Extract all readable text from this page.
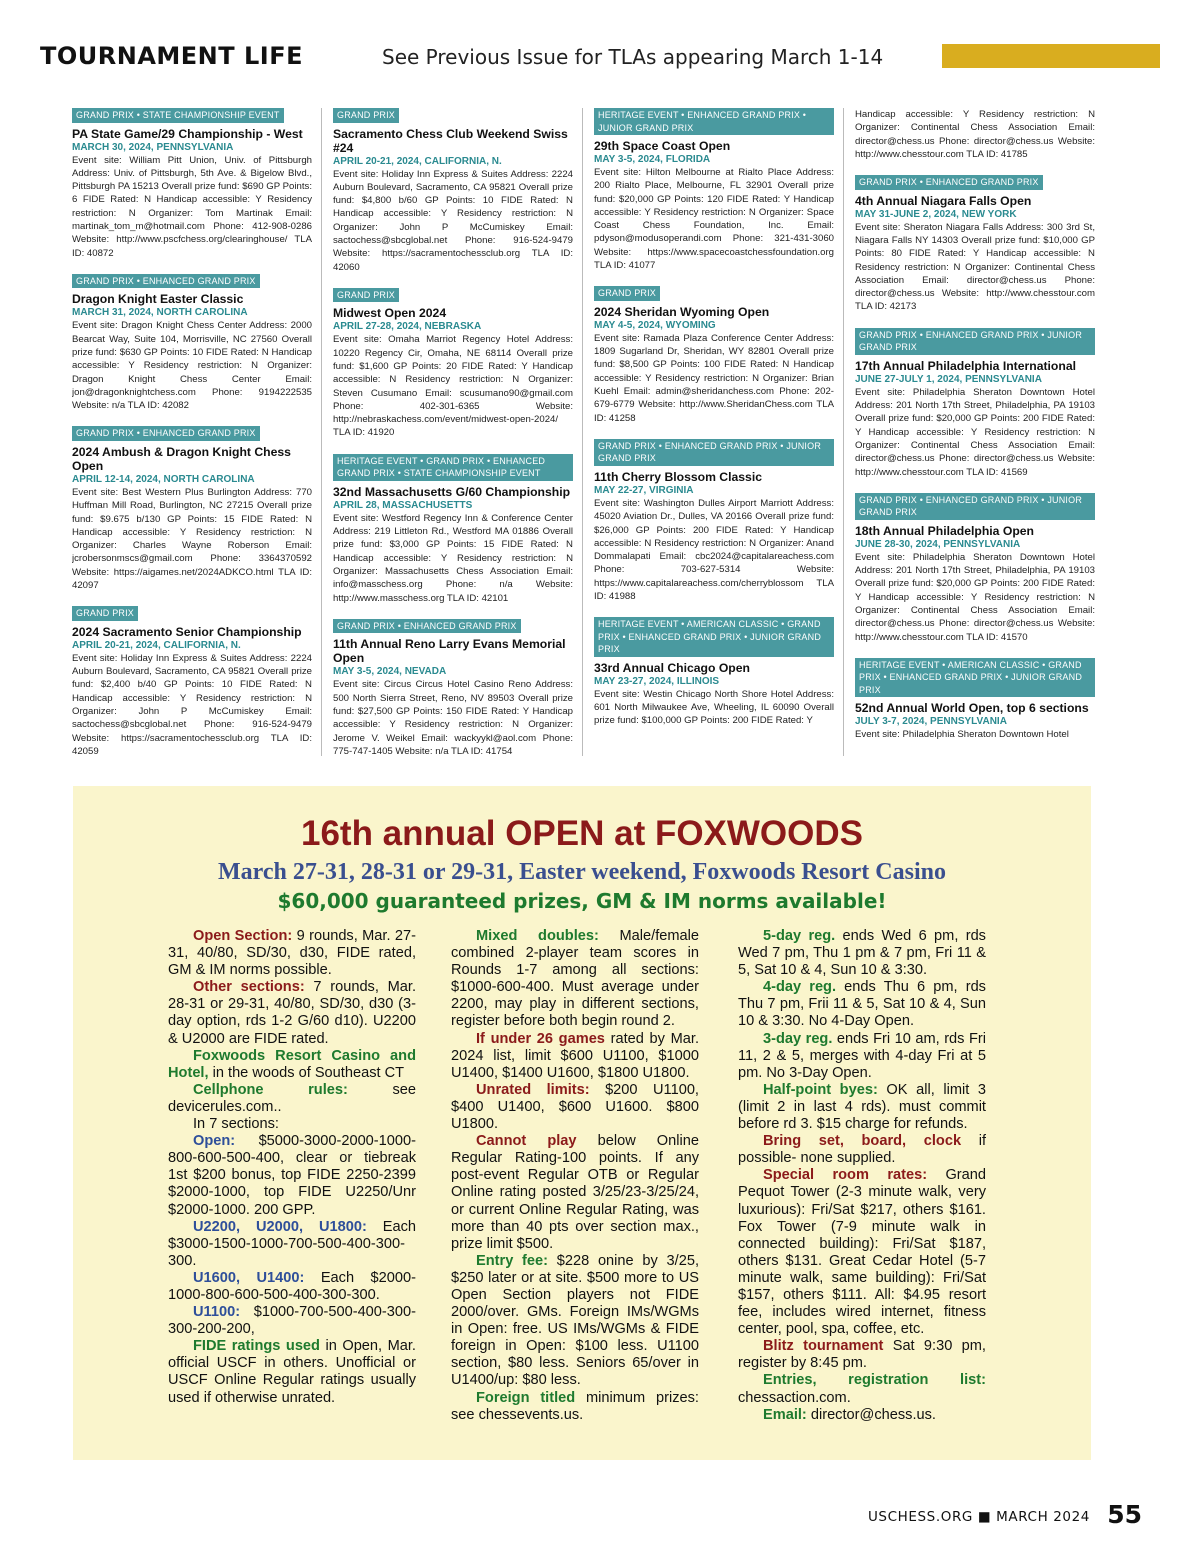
TOURNAMENT LIFE	See Previous Issue for TLAs appearing March 1-14
GRAND PRIX • STATE CHAMPIONSHIP EVENT
PA State Game/29 Championship - West
MARCH 30, 2024, PENNSYLVANIA
Event site: William Pitt Union, Univ. of Pittsburgh Address: Univ. of Pittsburgh, 5th Ave. & Bigelow Blvd., Pittsburgh PA 15213 Overall prize fund: $690 GP Points: 6 FIDE Rated: N Handicap accessible: Y Residency restriction: N Organizer: Tom Martinak Email: martinak_tom_m@hotmail.com Phone: 412-908-0286 Website: http://www.pscfchess.org/clearinghouse/ TLA ID: 40872
GRAND PRIX • ENHANCED GRAND PRIX
Dragon Knight Easter Classic
MARCH 31, 2024, NORTH CAROLINA
Event site: Dragon Knight Chess Center Address: 2000 Bearcat Way, Suite 104, Morrisville, NC 27560 Overall prize fund: $630 GP Points: 10 FIDE Rated: N Handicap accessible: Y Residency restriction: N Organizer: Dragon Knight Chess Center Email: jon@dragonknightchess.com Phone: 9194222535 Website: n/a TLA ID: 42082
GRAND PRIX • ENHANCED GRAND PRIX
2024 Ambush & Dragon Knight Chess Open
APRIL 12-14, 2024, NORTH CAROLINA
Event site: Best Western Plus Burlington Address: 770 Huffman Mill Road, Burlington, NC 27215 Overall prize fund: $9.675 b/130 GP Points: 15 FIDE Rated: N Handicap accessible: Y Residency restriction: N Organizer: Charles Wayne Roberson Email: jcrobersonmscs@gmail.com Phone: 3364370592 Website: https://aigames.net/2024ADKCO.html TLA ID: 42097
GRAND PRIX
2024 Sacramento Senior Championship
APRIL 20-21, 2024, CALIFORNIA, N.
Event site: Holiday Inn Express & Suites Address: 2224 Auburn Boulevard, Sacramento, CA 95821 Overall prize fund: $2,400 b/40 GP Points: 10 FIDE Rated: N Handicap accessible: Y Residency restriction: N Organizer: John P McCumiskey Email: sactochess@sbcglobal.net Phone: 916-524-9479 Website: https://sacramentochessclub.org TLA ID: 42059
GRAND PRIX
Sacramento Chess Club Weekend Swiss #24
APRIL 20-21, 2024, CALIFORNIA, N.
Event site: Holiday Inn Express & Suites Address: 2224 Auburn Boulevard, Sacramento, CA 95821 Overall prize fund: $4,800 b/60 GP Points: 10 FIDE Rated: N Handicap accessible: Y Residency restriction: N Organizer: John P McCumiskey Email: sactochess@sbcglobal.net Phone: 916-524-9479 Website: https://sacramentochessclub.org TLA ID: 42060
GRAND PRIX
Midwest Open 2024
APRIL 27-28, 2024, NEBRASKA
Event site: Omaha Marriot Regency Hotel Address: 10220 Regency Cir, Omaha, NE 68114 Overall prize fund: $1,600 GP Points: 20 FIDE Rated: Y Handicap accessible: N Residency restriction: N Organizer: Steven Cusumano Email: scusumano90@gmail.com Phone: 402-301-6365 Website: http://nebraskachess.com/event/midwest-open-2024/ TLA ID: 41920
HERITAGE EVENT • GRAND PRIX • ENHANCED GRAND PRIX • STATE CHAMPIONSHIP EVENT
32nd Massachusetts G/60 Championship
APRIL 28, MASSACHUSETTS
Event site: Westford Regency Inn & Conference Center Address: 219 Littleton Rd., Westford MA 01886 Overall prize fund: $3,000 GP Points: 15 FIDE Rated: N Handicap accessible: Y Residency restriction: N Organizer: Massachusetts Chess Association Email: info@masschess.org Phone: n/a Website: http://www.masschess.org TLA ID: 42101
GRAND PRIX • ENHANCED GRAND PRIX
11th Annual Reno Larry Evans Memorial Open
MAY 3-5, 2024, NEVADA
Event site: Circus Circus Hotel Casino Reno Address: 500 North Sierra Street, Reno, NV 89503 Overall prize fund: $27,500 GP Points: 150 FIDE Rated: Y Handicap accessible: Y Residency restriction: N Organizer: Jerome V. Weikel Email: wackyykl@aol.com Phone: 775-747-1405 Website: n/a TLA ID: 41754
HERITAGE EVENT • ENHANCED GRAND PRIX • JUNIOR GRAND PRIX
29th Space Coast Open
MAY 3-5, 2024, FLORIDA
Event site: Hilton Melbourne at Rialto Place Address: 200 Rialto Place, Melbourne, FL 32901 Overall prize fund: $20,000 GP Points: 120 FIDE Rated: Y Handicap accessible: Y Residency restriction: N Organizer: Space Coast Chess Foundation, Inc. Email: pdyson@modusoperandi.com Phone: 321-431-3060 Website: https://www.spacecoastchessfoundation.org TLA ID: 41077
GRAND PRIX
2024 Sheridan Wyoming Open
MAY 4-5, 2024, WYOMING
Event site: Ramada Plaza Conference Center Address: 1809 Sugarland Dr, Sheridan, WY 82801 Overall prize fund: $8,500 GP Points: 100 FIDE Rated: N Handicap accessible: Y Residency restriction: N Organizer: Brian Kuehl Email: admin@sheridanchess.com Phone: 202-679-6779 Website: http://www.SheridanChess.com TLA ID: 41258
GRAND PRIX • ENHANCED GRAND PRIX • JUNIOR GRAND PRIX
11th Cherry Blossom Classic
MAY 22-27, VIRGINIA
Event site: Washington Dulles Airport Marriott Address: 45020 Aviation Dr., Dulles, VA 20166 Overall prize fund: $26,000 GP Points: 200 FIDE Rated: Y Handicap accessible: N Residency restriction: N Organizer: Anand Dommalapati Email: cbc2024@capitalareachess.com Phone: 703-627-5314 Website: https://www.capitalareachess.com/cherryblossom TLA ID: 41988
HERITAGE EVENT • AMERICAN CLASSIC • GRAND PRIX • ENHANCED GRAND PRIX • JUNIOR GRAND PRIX
33rd Annual Chicago Open
MAY 23-27, 2024, ILLINOIS
Event site: Westin Chicago North Shore Hotel Address: 601 North Milwaukee Ave, Wheeling, IL 60090 Overall prize fund: $100,000 GP Points: 200 FIDE Rated: Y
Handicap accessible: Y Residency restriction: N Organizer: Continental Chess Association Email: director@chess.us Phone: director@chess.us Website: http://www.chesstour.com TLA ID: 41785
GRAND PRIX • ENHANCED GRAND PRIX
4th Annual Niagara Falls Open
MAY 31-JUNE 2, 2024, NEW YORK
Event site: Sheraton Niagara Falls Address: 300 3rd St, Niagara Falls NY 14303 Overall prize fund: $10,000 GP Points: 80 FIDE Rated: Y Handicap accessible: N Residency restriction: N Organizer: Continental Chess Association Email: director@chess.us Phone: director@chess.us Website: http://www.chesstour.com TLA ID: 42173
GRAND PRIX • ENHANCED GRAND PRIX • JUNIOR GRAND PRIX
17th Annual Philadelphia International
JUNE 27-JULY 1, 2024, PENNSYLVANIA
Event site: Philadelphia Sheraton Downtown Hotel Address: 201 North 17th Street, Philadelphia, PA 19103 Overall prize fund: $20,000 GP Points: 200 FIDE Rated: Y Handicap accessible: Y Residency restriction: N Organizer: Continental Chess Association Email: director@chess.us Phone: director@chess.us Website: http://www.chesstour.com TLA ID: 41569
GRAND PRIX • ENHANCED GRAND PRIX • JUNIOR GRAND PRIX
18th Annual Philadelphia Open
JUNE 28-30, 2024, PENNSYLVANIA
Event site: Philadelphia Sheraton Downtown Hotel Address: 201 North 17th Street, Philadelphia, PA 19103 Overall prize fund: $20,000 GP Points: 200 FIDE Rated: Y Handicap accessible: Y Residency restriction: N Organizer: Continental Chess Association Email: director@chess.us Phone: director@chess.us Website: http://www.chesstour.com TLA ID: 41570
HERITAGE EVENT • AMERICAN CLASSIC • GRAND PRIX • ENHANCED GRAND PRIX • JUNIOR GRAND PRIX
52nd Annual World Open, top 6 sections
JULY 3-7, 2024, PENNSYLVANIA
Event site: Philadelphia Sheraton Downtown Hotel
16th annual OPEN at FOXWOODS
March 27-31, 28-31 or 29-31, Easter weekend, Foxwoods Resort Casino
$60,000 guaranteed prizes, GM & IM norms available!

Open Section: 9 rounds, Mar. 27-31, 40/80, SD/30, d30, FIDE rated, GM & IM norms possible.

Other sections: 7 rounds, Mar. 28-31 or 29-31, 40/80, SD/30, d30 (3-day option, rds 1-2 G/60 d10). U2200 & U2000 are FIDE rated.

Foxwoods Resort Casino and Hotel, in the woods of Southeast CT

Cellphone rules: see devicerules.com..

In 7 sections:

Open: $5000-3000-2000-1000-800-600-500-400, clear or tiebreak 1st $200 bonus, top FIDE 2250-2399 $2000-1000, top FIDE U2250/Unr $2000-1000. 200 GPP.

U2200, U2000, U1800: Each $3000-1500-1000-700-500-400-300-300.

U1600, U1400: Each $2000-1000-800-600-500-400-300-300.

U1100: $1000-700-500-400-300-300-200-200,

FIDE ratings used in Open, Mar. official USCF in others. Unofficial or USCF Online Regular ratings usually used if otherwise unrated.

Mixed doubles: Male/female combined 2-player team scores in Rounds 1-7 among all sections: $1000-600-400. Must average under 2200, may play in different sections, register before both begin round 2.

If under 26 games rated by Mar. 2024 list, limit $600 U1100, $1000 U1400, $1400 U1600, $1800 U1800.

Unrated limits: $200 U1100, $400 U1400, $600 U1600. $800 U1800.

Cannot play below Online Regular Rating-100 points. If any post-event Regular OTB or Regular Online rating posted 3/25/23-3/25/24, or current Online Regular Rating, was more than 40 pts over section max., prize limit $500.

Entry fee: $228 onine by 3/25, $250 later or at site. $500 more to US Open Section players not FIDE 2000/over. GMs. Foreign IMs/WGMs in Open: free. US IMs/WGMs & FIDE foreign in Open: $100 less. U1100 section, $80 less. Seniors 65/over in U1400/up: $80 less.

Foreign titled minimum prizes: see chessevents.us.

5-day reg. ends Wed 6 pm, rds Wed 7 pm, Thu 1 pm & 7 pm, Fri 11 & 5, Sat 10 & 4, Sun 10 & 3:30.

4-day reg. ends Thu 6 pm, rds Thu 7 pm, Frii 11 & 5, Sat 10 & 4, Sun 10 & 3:30. No 4-Day Open.

3-day reg. ends Fri 10 am, rds Fri 11, 2 & 5, merges with 4-day Fri at 5 pm. No 3-Day Open.

Half-point byes: OK all, limit 3 (limit 2 in last 4 rds). must commit before rd 3. $15 charge for refunds.

Bring set, board, clock if possible- none supplied.

Special room rates: Grand Pequot Tower (2-3 minute walk, very luxurious): Fri/Sat $217, others $161. Fox Tower (7-9 minute walk in connected building): Fri/Sat $187, others $131. Great Cedar Hotel (5-7 minute walk, same building): Fri/Sat $157, others $111. All: $4.95 resort fee, includes wired internet, fitness center, pool, spa, coffee, etc.

Blitz tournament Sat 9:30 pm, register by 8:45 pm.

Entries, registration list: chessaction.com.

Email: director@chess.us.

USCHESS.ORG ■ MARCH 2024 55
